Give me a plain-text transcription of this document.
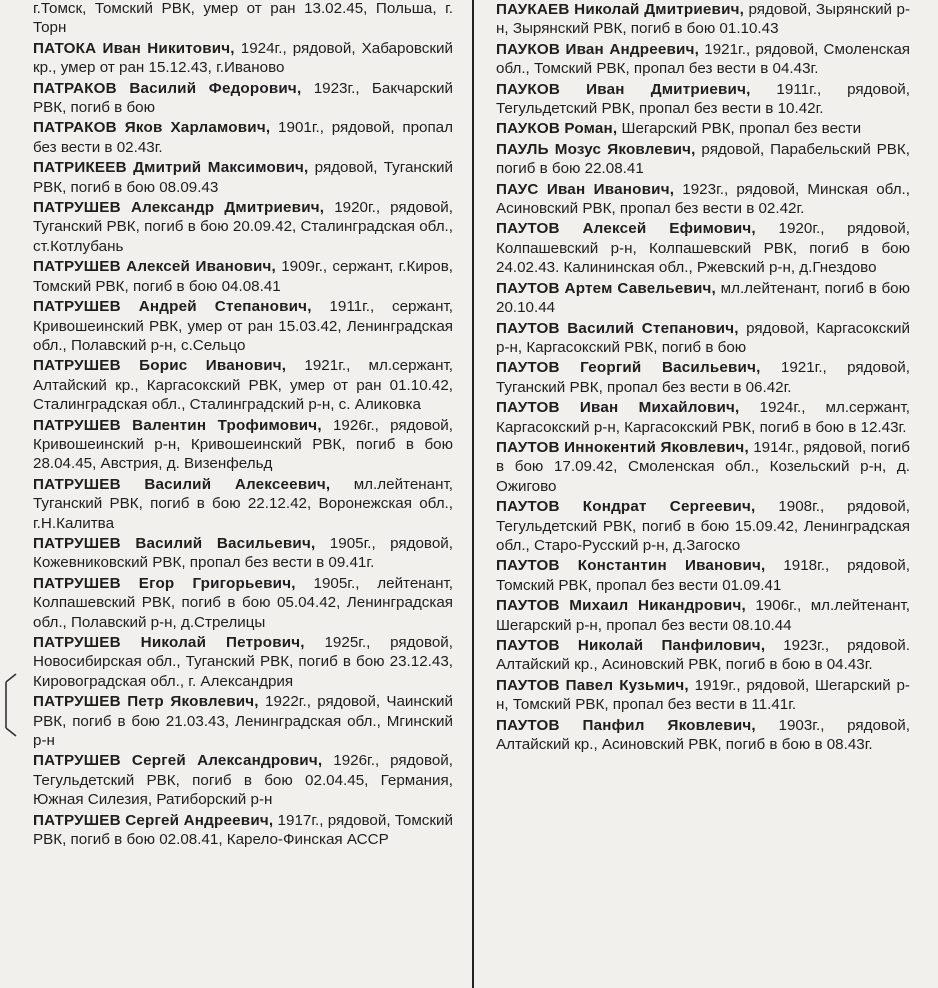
г.Томск, Томский РВК, умер от ран 13.02.45, Польша, г. Торн
ПАТОКА Иван Никитович, 1924г., рядовой, Хабаровский кр., умер от ран 15.12.43, г.Иваново
ПАТРАКОВ Василий Федорович, 1923г., Бакчарский РВК, погиб в бою
ПАТРАКОВ Яков Харламович, 1901г., рядовой, пропал без вести в 02.43г.
ПАТРИКЕЕВ Дмитрий Максимович, рядовой, Туганский РВК, погиб в бою 08.09.43
ПАТРУШЕВ Александр Дмитриевич, 1920г., рядовой, Туганский РВК, погиб в бою 20.09.42, Сталинградская обл., ст.Котлубань
ПАТРУШЕВ Алексей Иванович, 1909г., сержант, г.Киров, Томский РВК, погиб в бою 04.08.41
ПАТРУШЕВ Андрей Степанович, 1911г., сержант, Кривошеинский РВК, умер от ран 15.03.42, Ленинградская обл., Полавский р-н, с.Сельцо
ПАТРУШЕВ Борис Иванович, 1921г., мл.сержант, Алтайский кр., Каргасокский РВК, умер от ран 01.10.42, Сталинградская обл., Сталинградский р-н, с. Аликовка
ПАТРУШЕВ Валентин Трофимович, 1926г., рядовой, Кривошеинский р-н, Кривошеинский РВК, погиб в бою 28.04.45, Австрия, д. Визенфельд
ПАТРУШЕВ Василий Алексеевич, мл.лейтенант, Туганский РВК, погиб в бою 22.12.42, Воронежская обл., г.Н.Калитва
ПАТРУШЕВ Василий Васильевич, 1905г., рядовой, Кожевниковский РВК, пропал без вести в 09.41г.
ПАТРУШЕВ Егор Григорьевич, 1905г., лейтенант, Колпашевский РВК, погиб в бою 05.04.42, Ленинградская обл., Полавский р-н, д.Стрелицы
ПАТРУШЕВ Николай Петрович, 1925г., рядовой, Новосибирская обл., Туганский РВК, погиб в бою 23.12.43, Кировоградская обл., г. Александрия
ПАТРУШЕВ Петр Яковлевич, 1922г., рядовой, Чаинский РВК, погиб в бою 21.03.43, Ленинградская обл., Мгинский р-н
ПАТРУШЕВ Сергей Александрович, 1926г., рядовой, Тегульдетский РВК, погиб в бою 02.04.45, Германия, Южная Силезия, Ратиборский р-н
ПАТРУШЕВ Сергей Андреевич, 1917г., рядовой, Томский РВК, погиб в бою 02.08.41, Карело-Финская АССР
ПАУКАЕВ Николай Дмитриевич, рядовой, Зырянский р-н, Зырянский РВК, погиб в бою 01.10.43
ПАУКОВ Иван Андреевич, 1921г., рядовой, Смоленская обл., Томский РВК, пропал без вести в 04.43г.
ПАУКОВ Иван Дмитриевич, 1911г., рядовой, Тегульдетский РВК, пропал без вести в 10.42г.
ПАУКОВ Роман, Шегарский РВК, пропал без вести
ПАУЛЬ Мозус Яковлевич, рядовой, Парабельский РВК, погиб в бою 22.08.41
ПАУС Иван Иванович, 1923г., рядовой, Минская обл., Асиновский РВК, пропал без вести в 02.42г.
ПАУТОВ Алексей Ефимович, 1920г., рядовой, Колпашевский р-н, Колпашевский РВК, погиб в бою 24.02.43. Калининская обл., Ржевский р-н, д.Гнездово
ПАУТОВ Артем Савельевич, мл.лейтенант, погиб в бою 20.10.44
ПАУТОВ Василий Степанович, рядовой, Каргасокский р-н, Каргасокский РВК, погиб в бою
ПАУТОВ Георгий Васильевич, 1921г., рядовой, Туганский РВК, пропал без вести в 06.42г.
ПАУТОВ Иван Михайлович, 1924г., мл.сержант, Каргасокский р-н, Каргасокский РВК, погиб в бою в 12.43г.
ПАУТОВ Иннокентий Яковлевич, 1914г., рядовой, погиб в бою 17.09.42, Смоленская обл., Козельский р-н, д. Ожигово
ПАУТОВ Кондрат Сергеевич, 1908г., рядовой, Тегульдетский РВК, погиб в бою 15.09.42, Ленинградская обл., Старо-Русский р-н, д.Загоско
ПАУТОВ Константин Иванович, 1918г., рядовой, Томский РВК, пропал без вести 01.09.41
ПАУТОВ Михаил Никандрович, 1906г., мл.лейтенант, Шегарский р-н, пропал без вести 08.10.44
ПАУТОВ Николай Панфилович, 1923г., рядовой. Алтайский кр., Асиновский РВК, погиб в бою в 04.43г.
ПАУТОВ Павел Кузьмич, 1919г., рядовой, Шегарский р-н, Томский РВК, пропал без вести в 11.41г.
ПАУТОВ Панфил Яковлевич, 1903г., рядовой, Алтайский кр., Асиновский РВК, погиб в бою в 08.43г.
